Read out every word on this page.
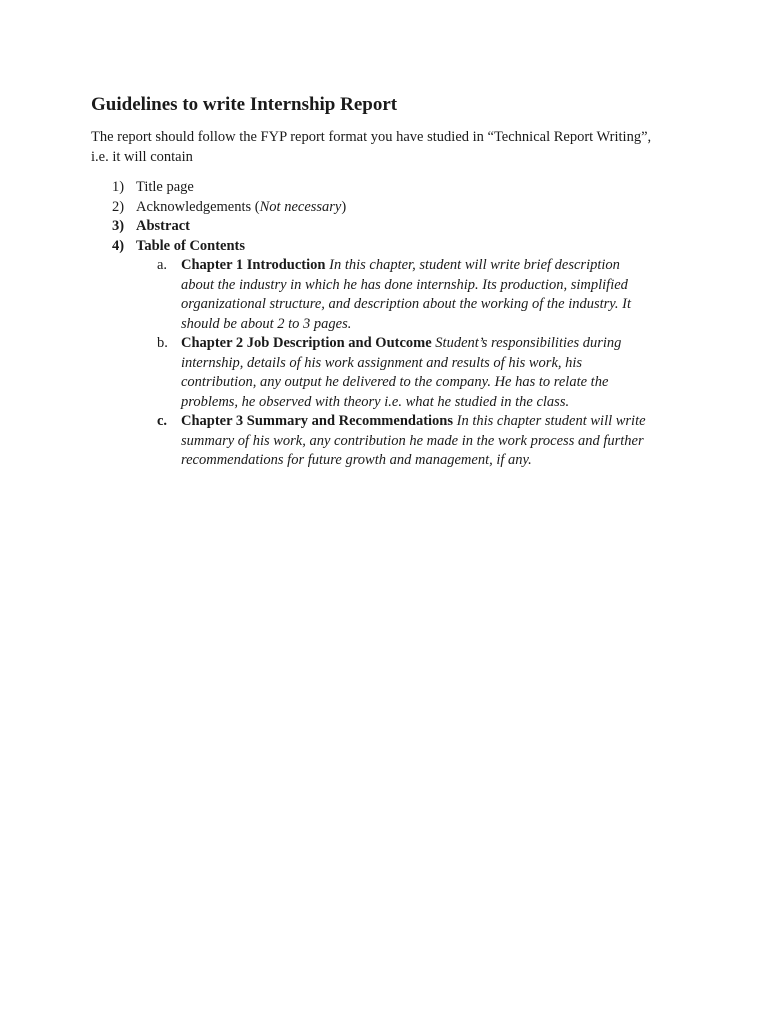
Guidelines to write Internship Report

The report should follow the FYP report format you have studied in “Technical Report Writing”,
i.e. it will contain

1) Title page
2) Acknowledgements (Not necessary)
3) Abstract
4) Table of Contents
a. Chapter 1 Introduction In this chapter, student will write brief description
about the industry in which he has done internship. Its production, simplified
organizational structure, and description about the working of the industry. It
should be about 2 to 3 pages.
b. Chapter 2 Job Description and Outcome Student’s responsibilities during
internship, details of his work assignment and results of his work, his
contribution, any output he delivered to the company. He has to relate the
problems, he observed with theory i.e. what he studied in the class.
c. Chapter 3 Summary and Recommendations In this chapter student will write
summary of his work, any contribution he made in the work process and further
recommendations for future growth and management, if any.
